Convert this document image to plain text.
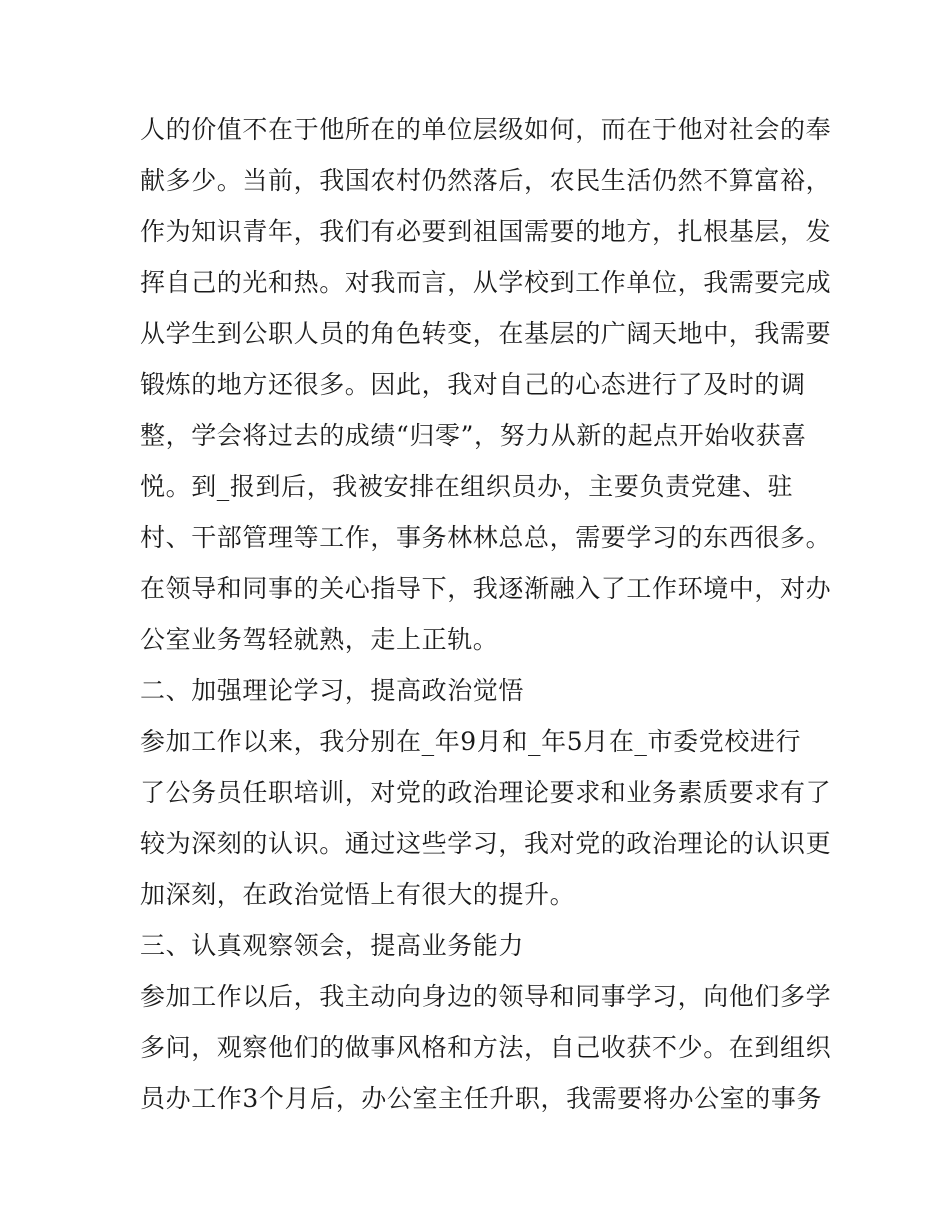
人的价值不在于他所在的单位层级如何，而在于他对社会的奉
献多少。当前，我国农村仍然落后，农民生活仍然不算富裕，
作为知识青年，我们有必要到祖国需要的地方，扎根基层，发
挥自己的光和热。对我而言，从学校到工作单位，我需要完成
从学生到公职人员的角色转变，在基层的广阔天地中，我需要
锻炼的地方还很多。因此，我对自己的心态进行了及时的调
整，学会将过去的成绩“归零”，努力从新的起点开始收获喜
悦。到_报到后，我被安排在组织员办，主要负责党建、驻
村、干部管理等工作，事务林林总总，需要学习的东西很多。
在领导和同事的关心指导下，我逐渐融入了工作环境中，对办
公室业务驾轻就熟，走上正轨。
二、加强理论学习，提高政治觉悟
参加工作以来，我分别在_年9月和_年5月在_市委党校进行
了公务员任职培训，对党的政治理论要求和业务素质要求有了
较为深刻的认识。通过这些学习，我对党的政治理论的认识更
加深刻，在政治觉悟上有很大的提升。
三、认真观察领会，提高业务能力
参加工作以后，我主动向身边的领导和同事学习，向他们多学
多问，观察他们的做事风格和方法，自己收获不少。在到组织
员办工作3个月后，办公室主任升职，我需要将办公室的事务
